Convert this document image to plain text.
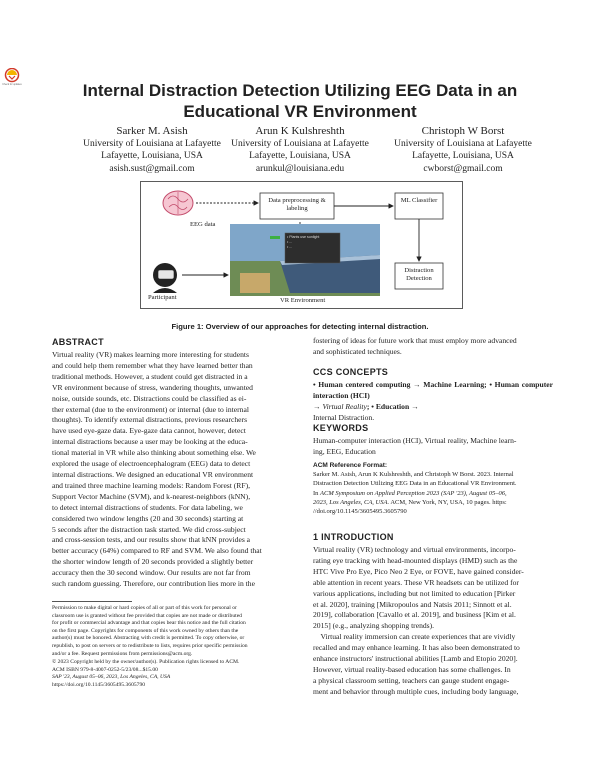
Check for updates	Internal Distraction Detection Utilizing EEG Data in an Educational VR Environment
Sarker M. Asish
University of Louisiana at Lafayette
Lafayette, Louisiana, USA
asish.sust@gmail.com
Arun K Kulshreshth
University of Louisiana at Lafayette
Lafayette, Louisiana, USA
arunkul@louisiana.edu
Christoph W Borst
University of Louisiana at Lafayette
Lafayette, Louisiana, USA
cwborst@gmail.com
Data preprocessing & labeling
ML Classifier
Distraction Detection
EEG data
Participant	VR Environment
• Plants use sunlight
• ...
• ...
Figure 1: Overview of our approaches for detecting internal distraction.
ABSTRACT
Virtual reality (VR) makes learning more interesting for students
and could help them remember what they have learned better than
traditional methods. However, a student could get distracted in a
VR environment because of stress, wandering thoughts, unwanted
noise, outside sounds, etc. Distractions could be classified as ei-
ther external (due to the environment) or internal (due to internal
thoughts). To identify external distractions, previous researchers
have used eye-gaze data. Eye-gaze data cannot, however, detect
internal distractions because a user may be looking at the educa-
tional material in VR while also thinking about something else. We
explored the usage of electroencephalogram (EEG) data to detect
internal distractions. We designed an educational VR environment
and trained three machine learning models: Random Forest (RF),
Support Vector Machine (SVM), and k-nearest-neighbors (kNN),
to detect internal distractions of students. For data labeling, we
considered two window lengths (20 and 30 seconds) starting at
5 seconds after the distraction task started. We did cross-subject
and cross-session tests, and our results show that kNN provides a
better accuracy (64%) compared to RF and SVM. We also found that
the shorter window length of 20 seconds provided a slightly better
accuracy then the 30 second window. Our results are not far from
such random guessing. Therefore, our contribution lies more in the
Permission to make digital or hard copies of all or part of this work for personal or
classroom use is granted without fee provided that copies are not made or distributed
for profit or commercial advantage and that copies bear this notice and the full citation
on the first page. Copyrights for components of this work owned by others than the
author(s) must be honored. Abstracting with credit is permitted. To copy otherwise, or
republish, to post on servers or to redistribute to lists, requires prior specific permission
and/or a fee. Request permissions from permissions@acm.org.
© 2023 Copyright held by the owner/author(s). Publication rights licensed to ACM.
ACM ISBN 979-8-4007-0252-5/23/08...$15.00
SAP '23, August 05–06, 2023, Los Angeles, CA, USA
https://doi.org/10.1145/3605495.3605790
fostering of ideas for future work that must employ more advanced
and sophisticated techniques.
CCS CONCEPTS
• Human centered computing → Machine Learning; • Human computer interaction (HCI)
→ Virtual Reality; • Education →
Internal Distraction.
KEYWORDS
Human-computer interaction (HCI), Virtual reality, Machine learn-
ing, EEG, Education
ACM Reference Format:
Sarker M. Asish, Arun K Kulshreshth, and Christoph W Borst. 2023. Internal
Distraction Detection Utilizing EEG Data in an Educational VR Environment.
In ACM Symposium on Applied Perception 2023 (SAP '23), August 05–06,
2023, Los Angeles, CA, USA. ACM, New York, NY, USA, 10 pages. https:
//doi.org/10.1145/3605495.3605790
1 INTRODUCTION
Virtual reality (VR) technology and virtual environments, incorpo-
rating eye tracking with head-mounted displays (HMD) such as the
HTC Vive Pro Eye, Pico Neo 2 Eye, or FOVE, have gained consider-
able attention in recent years. These VR headsets can be utilized for
various applications, including but not limited to education [Pirker
et al. 2020], training [Mikropoulos and Natsis 2011; Sinnott et al.
2019], collaboration [Cavallo et al. 2019], and business [Kim et al.
2015] (e.g., analyzing shopping trends).
Virtual reality immersion can create experiences that are vividly
recalled and may enhance learning. It has also been demonstrated to
enhance instructors' instructional abilities [Lamb and Etopio 2020].
However, virtual reality-based education has some challenges. In
a physical classroom setting, teachers can gauge student engage-
ment and behavior through multiple cues, including body language,
